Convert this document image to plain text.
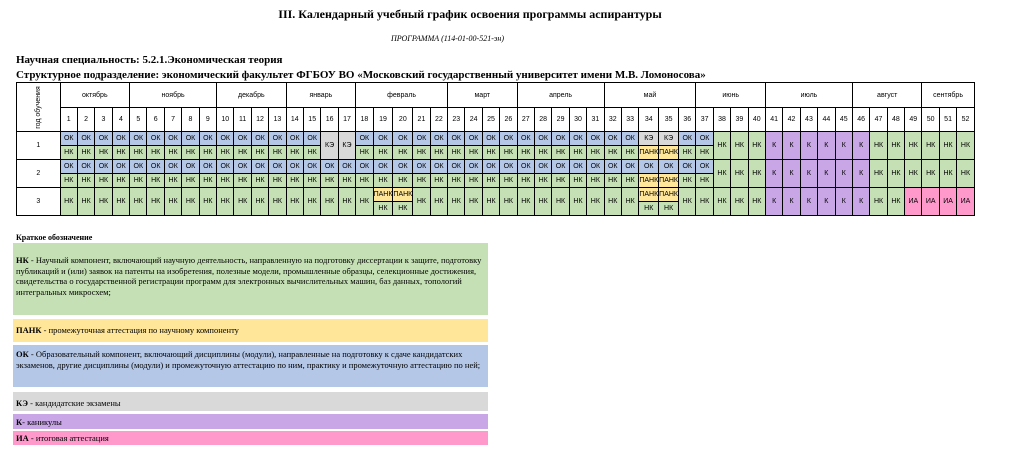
III. Календарный учебный график освоения программы аспирантуры
ПРОГРАММА (114-01-00-521-эн)
Научная специальность: 5.2.1.Экономическая теория
Структурное подразделение: экономический факультет ФГБОУ ВО «Московский государственный университет имени М.В. Ломоносова»
год обучения	октябрь				ноябрь					декабрь				январь				февраль					март				апрель					май					июнь				июль					август				сентябрь		
	1	2	3	4	5	6	7	8	9	10	11	12	13	14	15	16	17	18	19	20	21	22	23	24	25	26	27	28	29	30	31	32	33	34	35	36	37	38	39	40	41	42	43	44	45	46	47	48	49	50	51	52
1	ОК	ОК	ОК	ОК	ОК	ОК	ОК	ОК	ОК	ОК	ОК	ОК	ОК	ОК	ОК	КЭ	КЭ	ОК	ОК	ОК	ОК	ОК	ОК	ОК	ОК	ОК	ОК	ОК	ОК	ОК	ОК	ОК	ОК	КЭ	КЭ	ОК	ОК	НК	НК	НК	К	К	К	К	К	К	НК	НК	НК	НК	НК	НК
	НК	НК	НК	НК	НК	НК	НК	НК	НК	НК	НК	НК	НК	НК	НК			НК	НК	НК	НК	НК	НК	НК	НК	НК	НК	НК	НК	НК	НК	НК	НК	ПАНК	ПАНК	НК	НК															
2	ОК	ОК	ОК	ОК	ОК	ОК	ОК	ОК	ОК	ОК	ОК	ОК	ОК	ОК	ОК	ОК	ОК	ОК	ОК	ОК	ОК	ОК	ОК	ОК	ОК	ОК	ОК	ОК	ОК	ОК	ОК	ОК	ОК	ОК	ОК	ОК	ОК	НК	НК	НК	К	К	К	К	К	К	НК	НК	НК	НК	НК	НК
	НК	НК	НК	НК	НК	НК	НК	НК	НК	НК	НК	НК	НК	НК	НК	НК	НК	НК	НК	НК	НК	НК	НК	НК	НК	НК	НК	НК	НК	НК	НК	НК	НК	ПАНК	ПАНК	НК	НК															
3	НК	НК	НК	НК	НК	НК	НК	НК	НК	НК	НК	НК	НК	НК	НК	НК	НК	НК	ПАНК	ПАНК	НК	НК	НК	НК	НК	НК	НК	НК	НК	НК	НК	НК	НК	ПАНК	ПАНК	НК	НК	НК	НК	НК	К	К	К	К	К	К	НК	НК	ИА	ИА	ИА	ИА
																			НК	НК														НК	НК																	
Краткое обозначение
НК - Научный компонент, включающий научную деятельность, направленную на подготовку диссертации к защите, подготовку публикаций и (или) заявок на патенты на изобретения, полезные модели, промышленные образцы, селекционные достижения, свидетельства о государственной регистрации программ для электронных вычислительных машин, баз данных, топологий интегральных микросхем;
ПАНК - промежуточная аттестация по научному компоненту
ОК - Образовательный компонент, включающий дисциплины (модули), направленные на подготовку к сдаче кандидатских экзаменов, другие дисциплины (модули) и промежуточную аттестацию по ним, практику и промежуточную аттестацию по ней;
КЭ - кандидатские экзамены
К- каникулы
ИА - итоговая аттестация
